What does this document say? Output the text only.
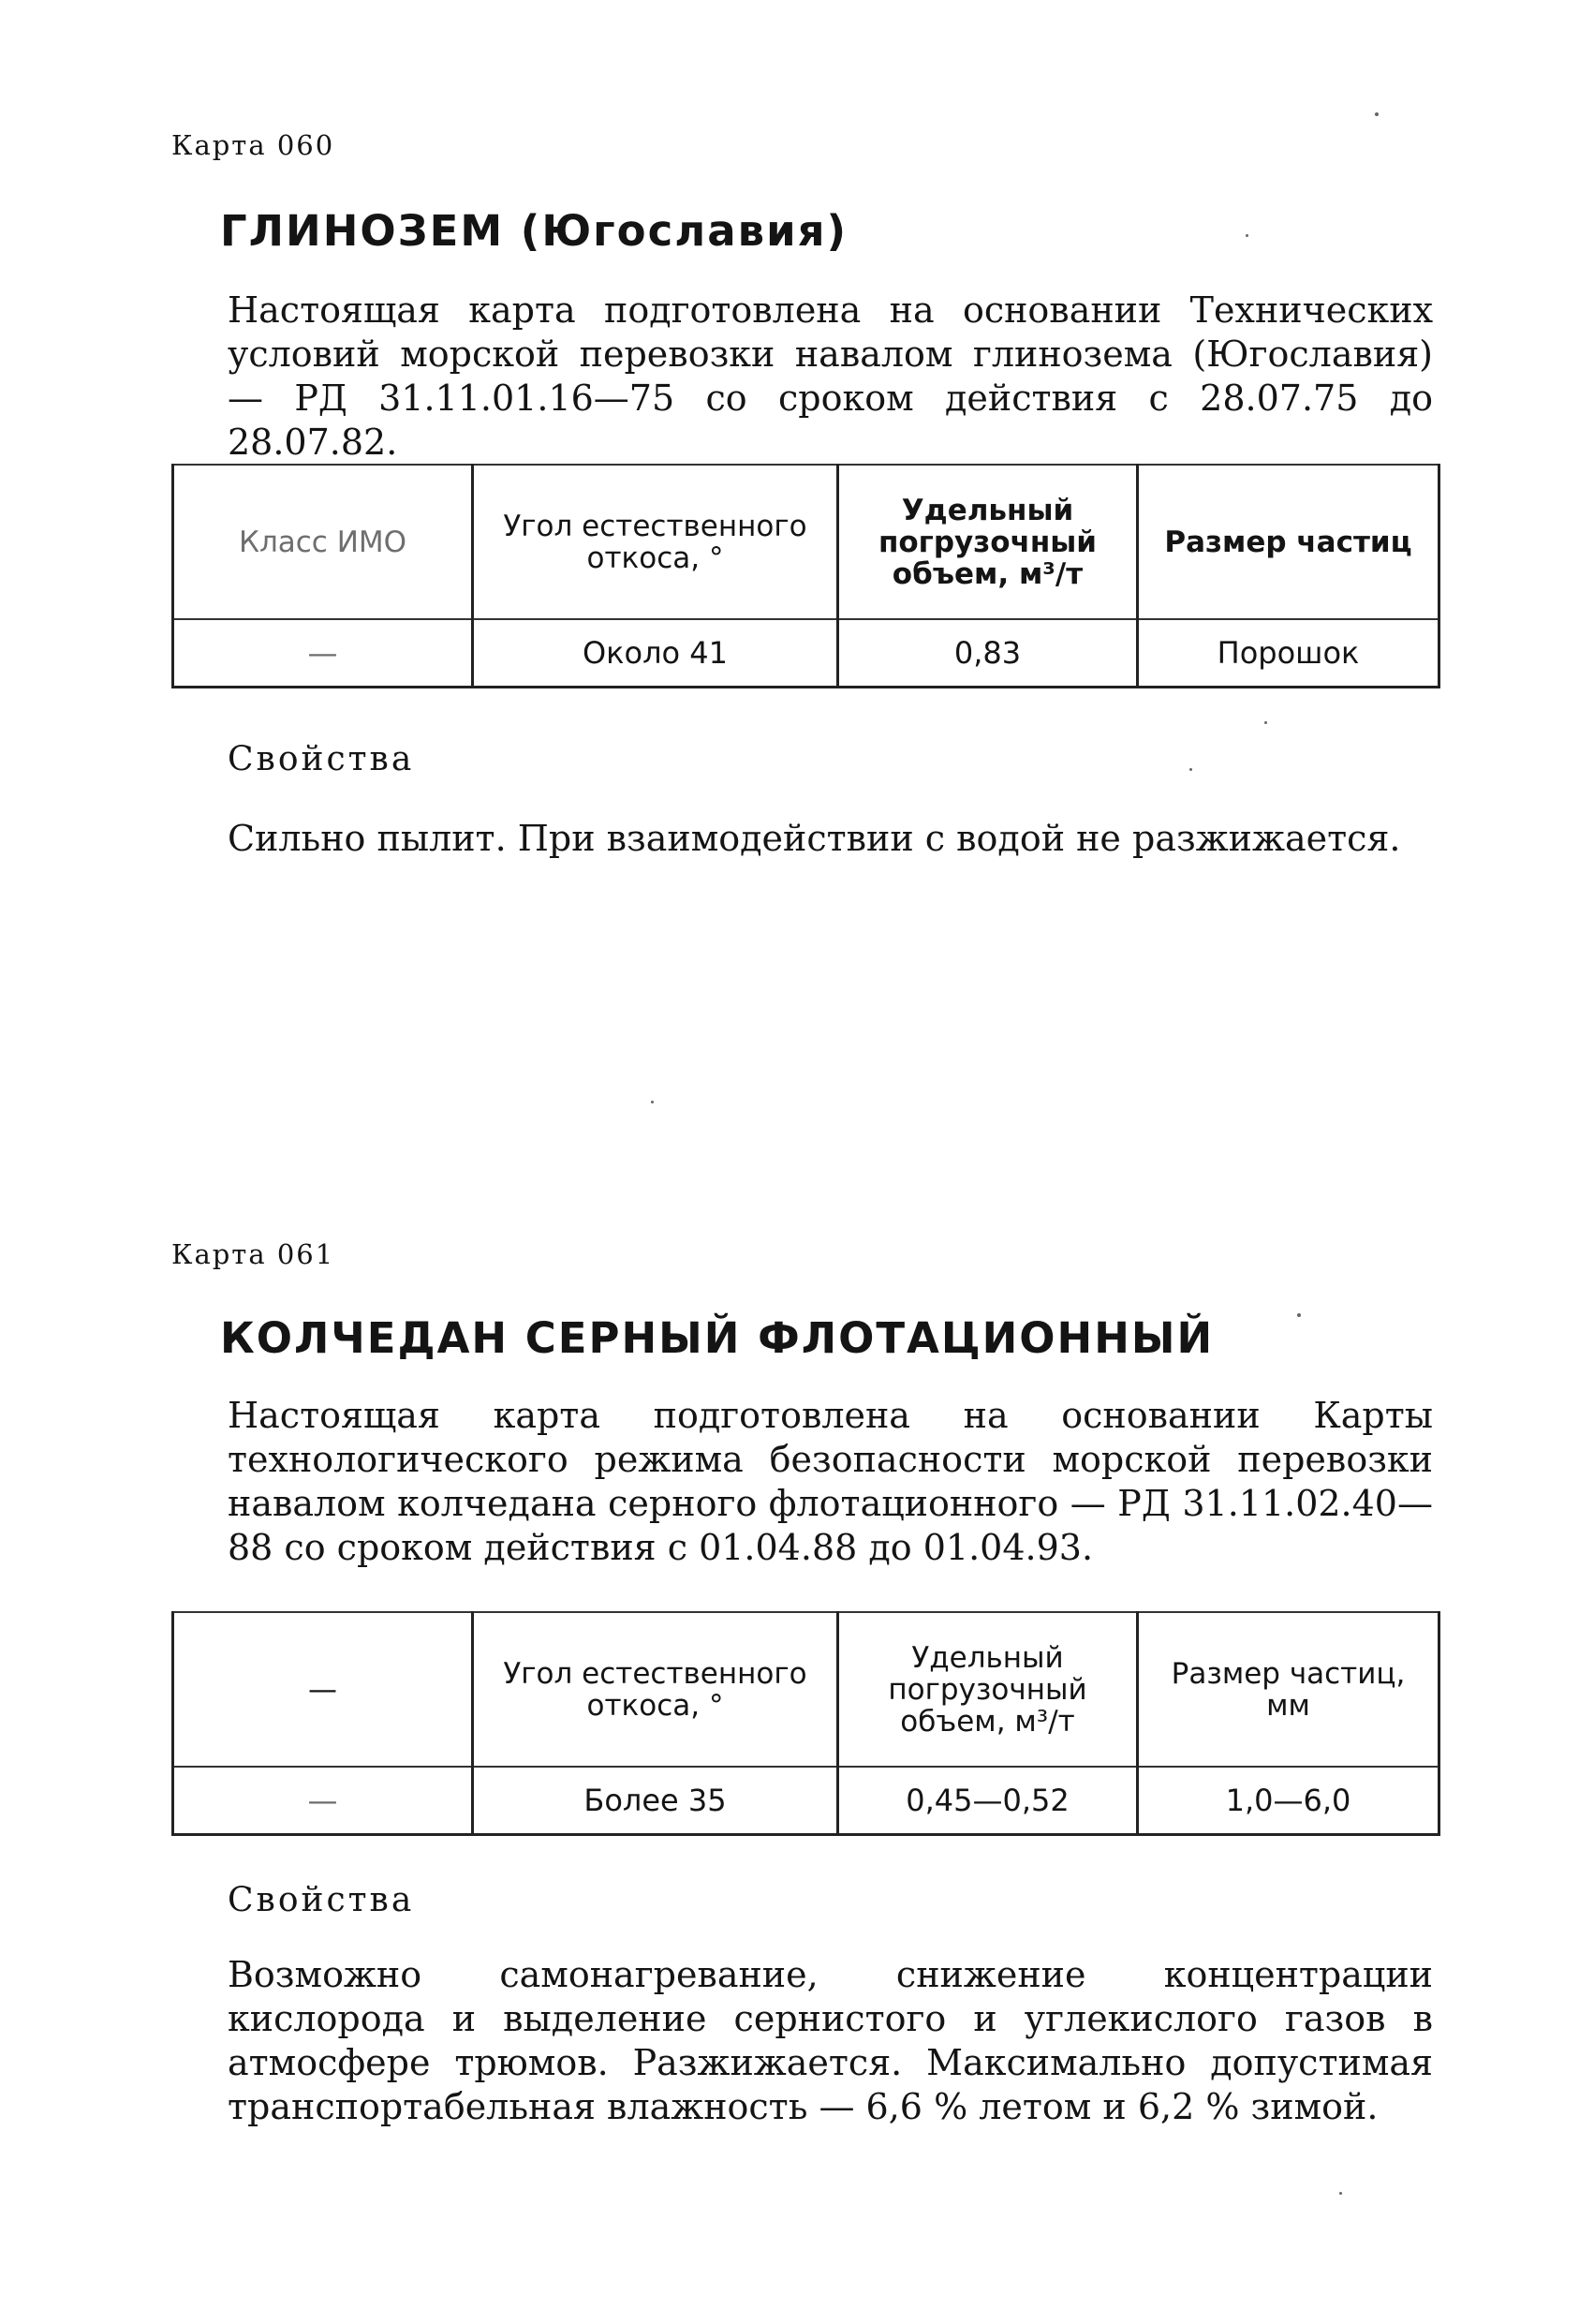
Карта 060
ГЛИНОЗЕМ (Югославия)

Настоящая карта подготовлена на основании Технических условий морской перевозки навалом глинозема (Югославия) — РД 31.11.01.16—75 со сроком действия с 28.07.75 до 28.07.82.

Класс ИМО	Угол естественного откоса, °	Удельный погрузочный объем, м³/т	Размер частиц
—	Около 41	0,83	Порошок
Свойства

Сильно пылит. При взаимодействии с водой не разжижается.

Карта 061
КОЛЧЕДАН СЕРНЫЙ ФЛОТАЦИОННЫЙ

Настоящая карта подготовлена на основании Карты технологического режима безопасности морской перевозки навалом колчедана серного флотационного — РД 31.11.02.40—88 со сроком действия с 01.04.88 до 01.04.93.

—	Угол естественного откоса, °	Удельный погрузочный объем, м³/т	Размер частиц, мм
—	Более 35	0,45—0,52	1,0—6,0
Свойства

Возможно самонагревание, снижение концентрации кислорода и выделение сернистого и углекислого газов в атмосфере трюмов. Разжижается. Максимально допустимая транспортабельная влажность — 6,6 % летом и 6,2 % зимой.
